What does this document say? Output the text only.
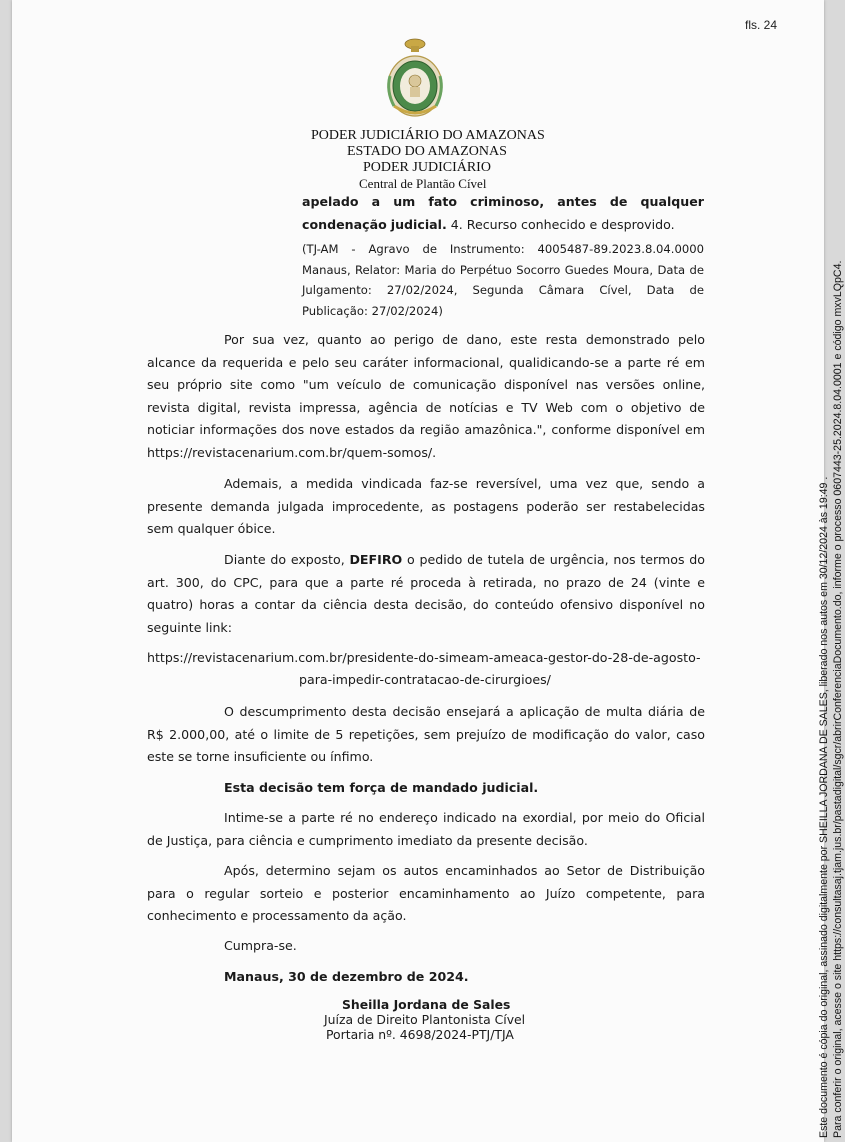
fls. 24
PODER JUDICIÁRIO DO AMAZONAS
ESTADO DO AMAZONAS
PODER JUDICIÁRIO
Central de Plantão Cível
apelado a um fato criminoso, antes de qualquer condenação judicial. 4. Recurso conhecido e desprovido.
(TJ-AM - Agravo de Instrumento: 4005487-89.2023.8.04.0000 Manaus, Relator: Maria do Perpétuo Socorro Guedes Moura, Data de Julgamento: 27/02/2024, Segunda Câmara Cível, Data de Publicação: 27/02/2024)
Por sua vez, quanto ao perigo de dano, este resta demonstrado pelo alcance da requerida e pelo seu caráter informacional, qualidicando-se a parte ré em seu próprio site como "um veículo de comunicação disponível nas versões online, revista digital, revista impressa, agência de notícias e TV Web com o objetivo de noticiar informações dos nove estados da região amazônica.", conforme disponível em https://revistacenarium.com.br/quem-somos/.
Ademais, a medida vindicada faz-se reversível, uma vez que, sendo a presente demanda julgada improcedente, as postagens poderão ser restabelecidas sem qualquer óbice.
Diante do exposto, DEFIRO o pedido de tutela de urgência, nos termos do art. 300, do CPC, para que a parte ré proceda à retirada, no prazo de 24 (vinte e quatro) horas a contar da ciência desta decisão, do conteúdo ofensivo disponível no seguinte link:
https://revistacenarium.com.br/presidente-do-simeam-ameaca-gestor-do-28-de-agosto-
para-impedir-contratacao-de-cirurgioes/
O descumprimento desta decisão ensejará a aplicação de multa diária de R$ 2.000,00, até o limite de 5 repetições, sem prejuízo de modificação do valor, caso este se torne insuficiente ou ínfimo.
Esta decisão tem força de mandado judicial.
Intime-se a parte ré no endereço indicado na exordial, por meio do Oficial de Justiça, para ciência e cumprimento imediato da presente decisão.
Após, determino sejam os autos encaminhados ao Setor de Distribuição para o regular sorteio e posterior encaminhamento ao Juízo competente, para conhecimento e processamento da ação.
Cumpra-se.
Manaus, 30 de dezembro de 2024.
Sheilla Jordana de Sales
Juíza de Direito Plantonista Cível
Portaria nº. 4698/2024-PTJ/TJA	Este documento é cópia do original, assinado digitalmente por SHEILLA JORDANA DE SALES, liberado nos autos em 30/12/2024 às 19:49 . Para conferir o original, acesse o site https://consultasaj.tjam.jus.br/pastadigital/sgcr/abrirConferenciaDocumento.do, informe o processo 0607443-25.2024.8.04.0001 e código mxvLQpC4.
